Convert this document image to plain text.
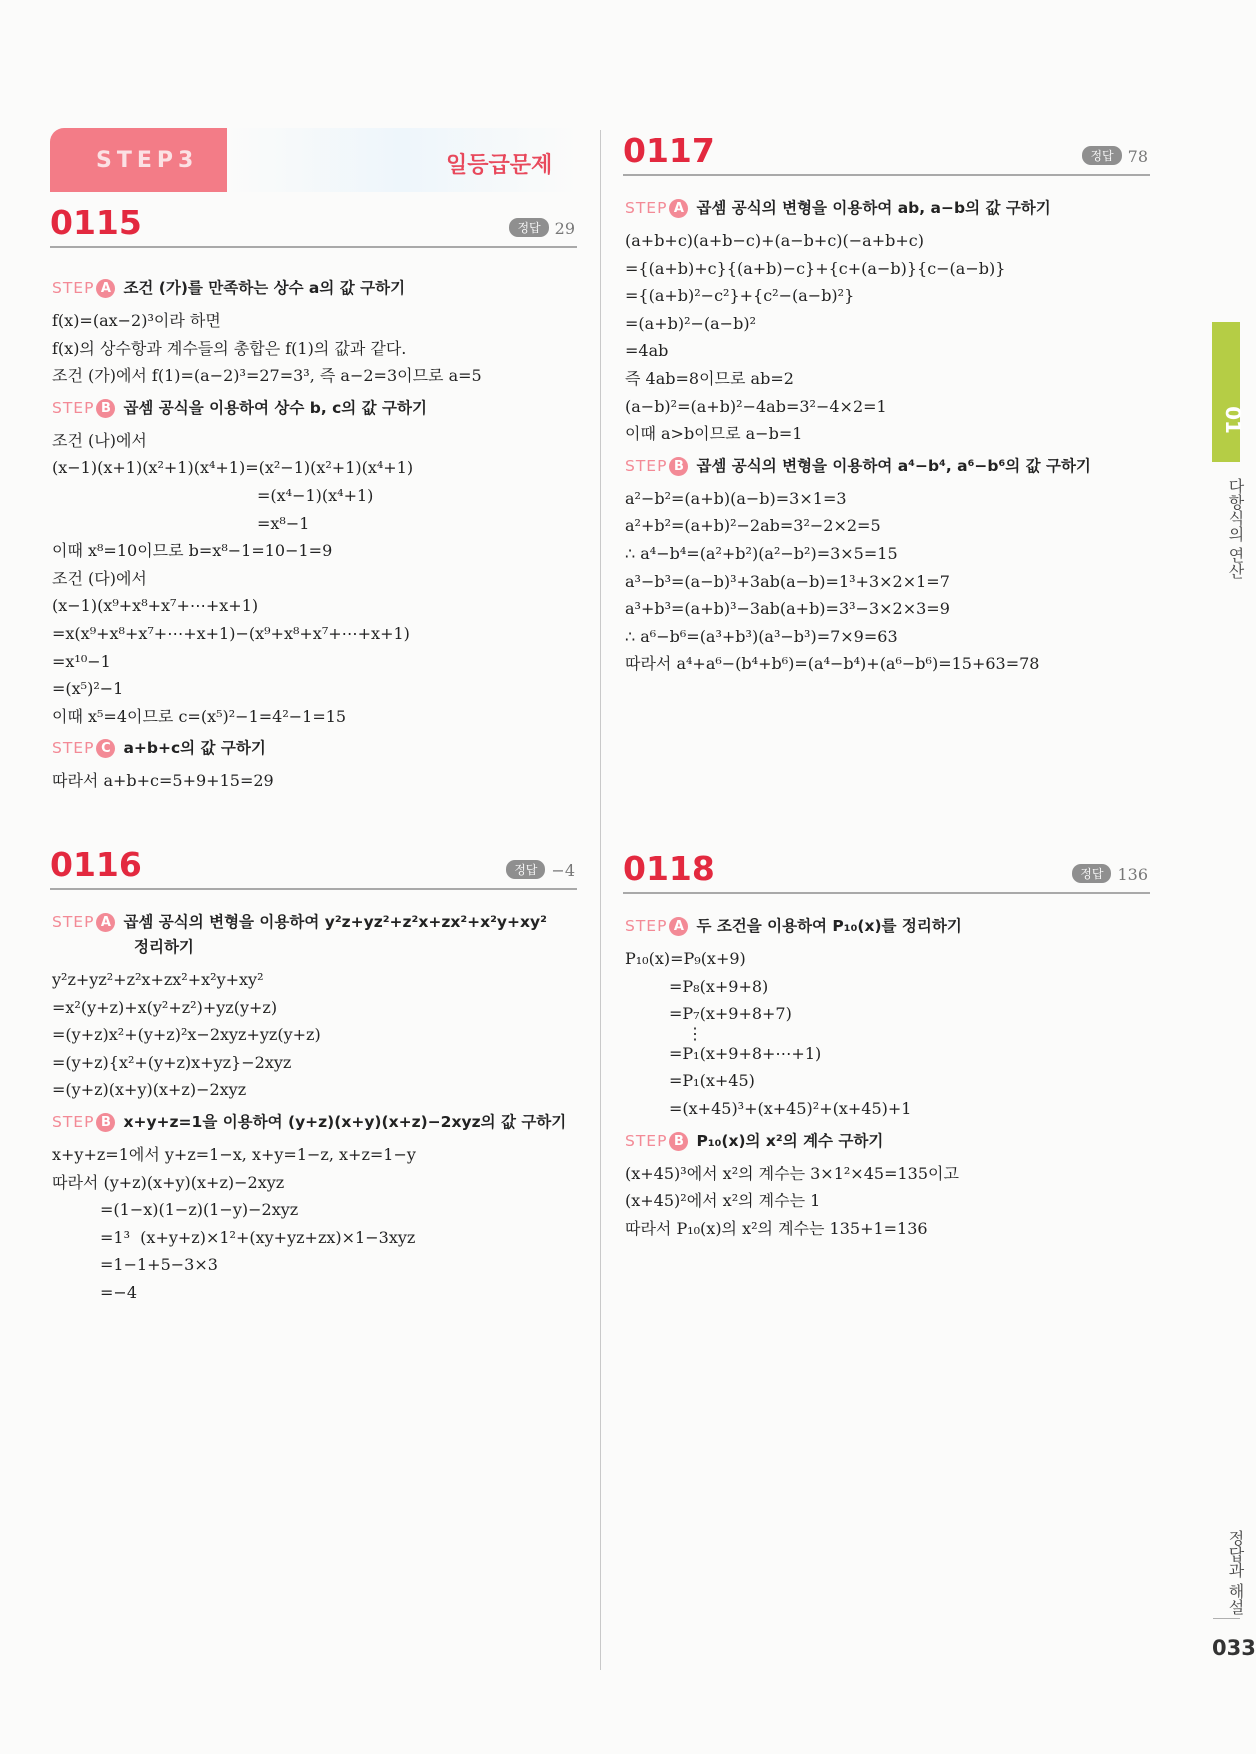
STEP3	일등급문제
0115	정답 29
STEP A 조건 (가)를 만족하는 상수 a의 값 구하기
f(x)=(ax−2)³이라 하면
f(x)의 상수항과 계수들의 총합은 f(1)의 값과 같다.
조건 (가)에서 f(1)=(a−2)³=27=3³, 즉 a−2=3이므로 a=5
STEP B 곱셈 공식을 이용하여 상수 b, c의 값 구하기
조건 (나)에서
(x−1)(x+1)(x²+1)(x⁴+1)=(x²−1)(x²+1)(x⁴+1)
=(x⁴−1)(x⁴+1)
=x⁸−1
이때 x⁸=10이므로 b=x⁸−1=10−1=9
조건 (다)에서
(x−1)(x⁹+x⁸+x⁷+⋯+x+1)
=x(x⁹+x⁸+x⁷+⋯+x+1)−(x⁹+x⁸+x⁷+⋯+x+1)
=x¹⁰−1
=(x⁵)²−1
이때 x⁵=4이므로 c=(x⁵)²−1=4²−1=15
STEP C a+b+c의 값 구하기
따라서 a+b+c=5+9+15=29
0116	정답 −4
STEP A 곱셈 공식의 변형을 이용하여 y²z+yz²+z²x+zx²+x²y+xy²
정리하기
y²z+yz²+z²x+zx²+x²y+xy²
=x²(y+z)+x(y²+z²)+yz(y+z)
=(y+z)x²+(y+z)²x−2xyz+yz(y+z)
=(y+z){x²+(y+z)x+yz}−2xyz
=(y+z)(x+y)(x+z)−2xyz
STEP B x+y+z=1을 이용하여 (y+z)(x+y)(x+z)−2xyz의 값 구하기
x+y+z=1에서 y+z=1−x, x+y=1−z, x+z=1−y
따라서 (y+z)(x+y)(x+z)−2xyz
=(1−x)(1−z)(1−y)−2xyz
=1³  (x+y+z)×1²+(xy+yz+zx)×1−3xyz
=1−1+5−3×3
=−4
0117	정답 78
STEP A 곱셈 공식의 변형을 이용하여 ab, a−b의 값 구하기
(a+b+c)(a+b−c)+(a−b+c)(−a+b+c)
={(a+b)+c}{(a+b)−c}+{c+(a−b)}{c−(a−b)}
={(a+b)²−c²}+{c²−(a−b)²}
=(a+b)²−(a−b)²
=4ab
즉 4ab=8이므로 ab=2
(a−b)²=(a+b)²−4ab=3²−4×2=1
이때 a>b이므로 a−b=1
STEP B 곱셈 공식의 변형을 이용하여 a⁴−b⁴, a⁶−b⁶의 값 구하기
a²−b²=(a+b)(a−b)=3×1=3
a²+b²=(a+b)²−2ab=3²−2×2=5
∴ a⁴−b⁴=(a²+b²)(a²−b²)=3×5=15
a³−b³=(a−b)³+3ab(a−b)=1³+3×2×1=7
a³+b³=(a+b)³−3ab(a+b)=3³−3×2×3=9
∴ a⁶−b⁶=(a³+b³)(a³−b³)=7×9=63
따라서 a⁴+a⁶−(b⁴+b⁶)=(a⁴−b⁴)+(a⁶−b⁶)=15+63=78
0118	정답 136
STEP A 두 조건을 이용하여 P₁₀(x)를 정리하기
P₁₀(x)=P₉(x+9)
=P₈(x+9+8)
=P₇(x+9+8+7)
⋮
=P₁(x+9+8+⋯+1)
=P₁(x+45)
=(x+45)³+(x+45)²+(x+45)+1
STEP B P₁₀(x)의 x²의 계수 구하기
(x+45)³에서 x²의 계수는 3×1²×45=135이고
(x+45)²에서 x²의 계수는 1
따라서 P₁₀(x)의 x²의 계수는 135+1=136
01
다항식의 연산
정답과 해설
033
